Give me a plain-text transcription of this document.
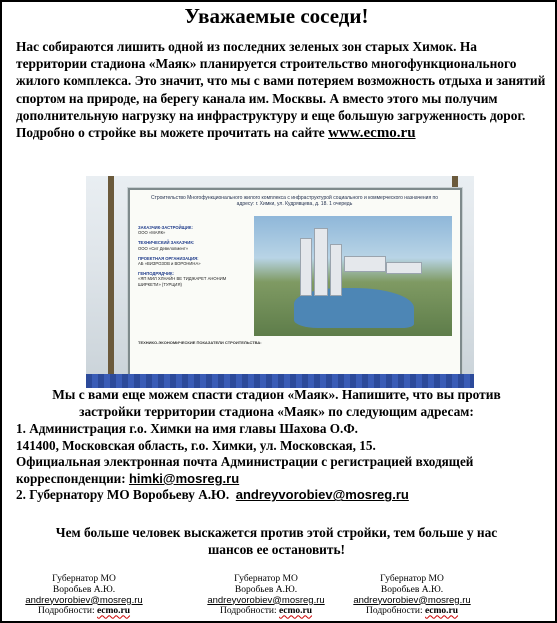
Уважаемые соседи!
Нас собираются лишить одной из последних зеленых зон старых Химок. На территории стадиона «Маяк» планируется строительство многофункционального жилого комплекса. Это значит, что мы с вами потеряем возможность отдыха и занятий спортом на природе, на берегу канала им. Москвы. А вместо этого мы получим дополнительную нагрузку на инфраструктуру и еще большую загруженность дорог. Подробно о стройке вы можете прочитать на сайте www.ecmo.ru
Строительство Многофункционального жилого комплекса с инфраструктурой социального и коммерческого назначения по адресу: г. Химки, ул. Кудрявцева, д. 18. 1 очередь
ЗАКАЗЧИК-ЗАСТРОЙЩИК:
ООО «МАЯК»
ТЕХНИЧЕСКИЙ ЗАКАЗЧИК:
ООО «Сит Девелопмент»
ПРОЕКТНАЯ ОРГАНИЗАЦИЯ:
АБ «ВИЗРОЗОВ и ВОРОНИНА»
ГЕНПОДРЯДЧИК:
«ЯП МИЛ ХЛНАЙН ВЕ ТИДЖАРЕТ АНОНИМ ШИРКЕТИ» (ТУРЦИЯ)
ТЕХНИКО-ЭКОНОМИЧЕСКИЕ ПОКАЗАТЕЛИ СТРОИТЕЛЬСТВА:
Мы с вами еще можем спасти стадион «Маяк». Напишите, что вы против
застройки территории стадиона «Маяк» по следующим адресам:
1. Администрация г.о. Химки на имя главы Шахова О.Ф.
141400, Московская область, г.о. Химки, ул. Московская, 15.
Официальная электронная почта Администрации с регистрацией входящей корреспонденции: himki@mosreg.ru
2. Губернатору МО Воробьеву А.Ю. andreyvorobiev@mosreg.ru
Чем больше человек выскажется против этой стройки, тем больше у нас
шансов ее остановить!
Губернатор МО
Воробьев А.Ю.
andreyvorobiev@mosreg.ru
Подробности: ecmo.ru
Губернатор МО
Воробьев А.Ю.
andreyvorobiev@mosreg.ru
Подробности: ecmo.ru
Губернатор МО
Воробьев А.Ю.
andreyvorobiev@mosreg.ru
Подробности: ecmo.ru
